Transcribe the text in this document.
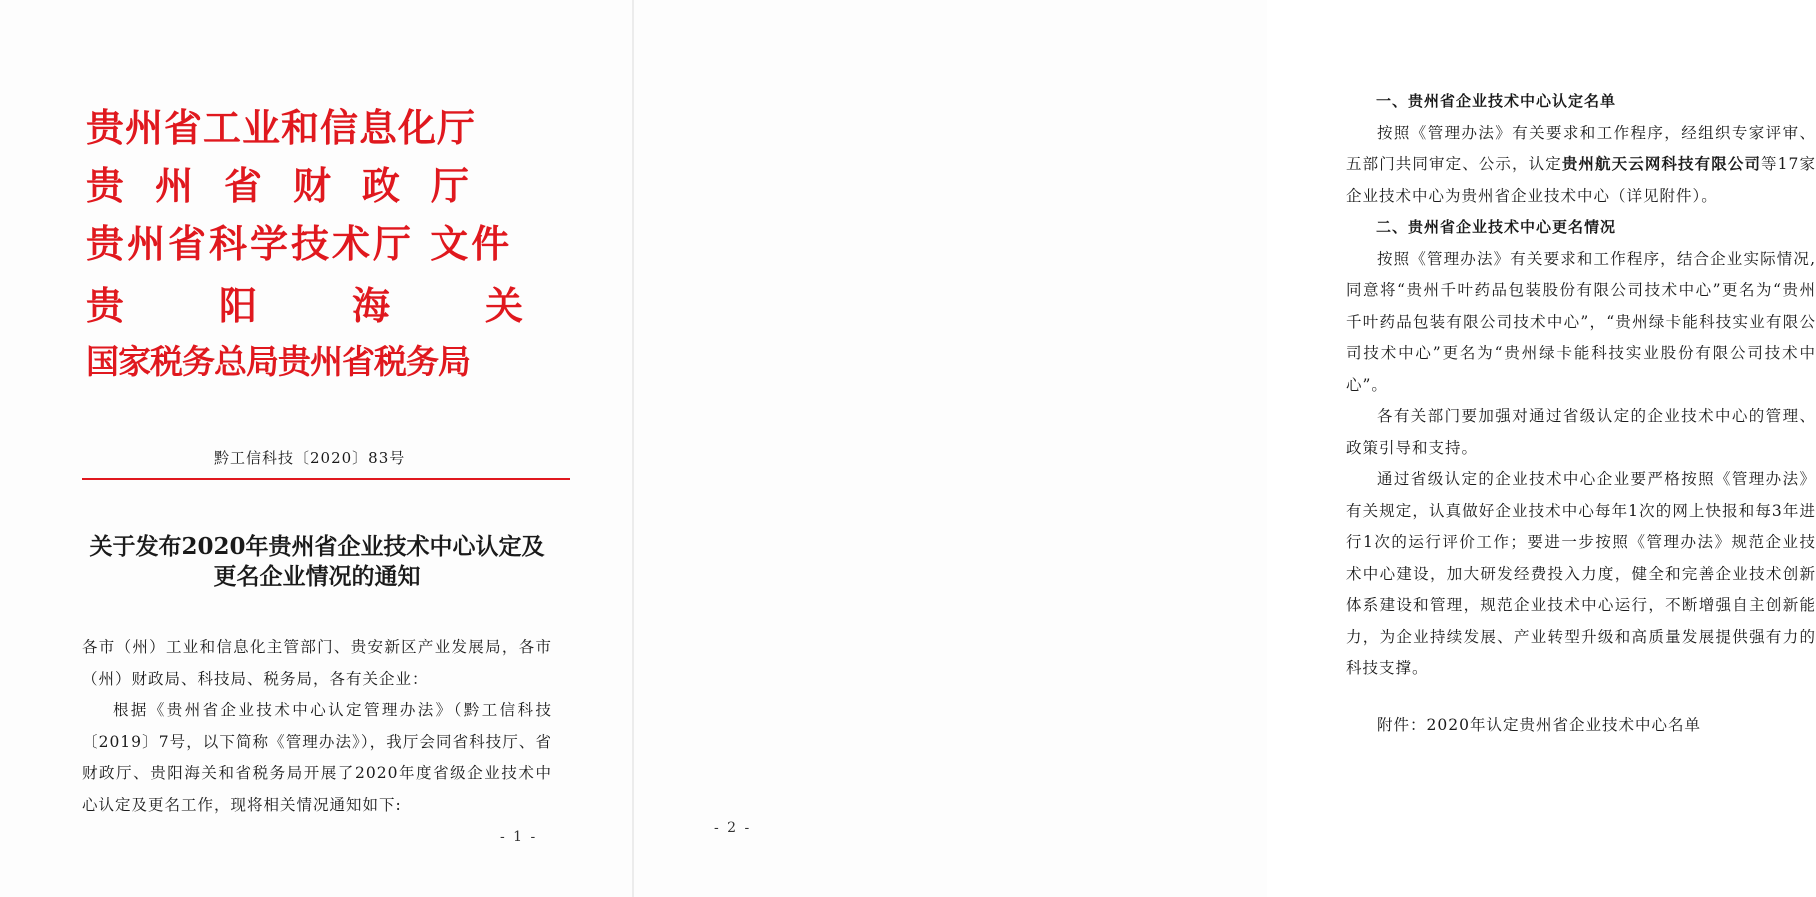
贵州省工业和信息化厅
贵州省财政厅
贵州省科学技术厅 文件
贵阳海关
国家税务总局贵州省税务局
黔工信科技〔2020〕83号
关于发布2020年贵州省企业技术中心认定及
更名企业情况的通知

各市（州）工业和信息化主管部门、贵安新区产业发展局，各市（州）财政局、科技局、税务局，各有关企业：

根据《贵州省企业技术中心认定管理办法》（黔工信科技〔2019〕7号，以下简称《管理办法》），我厅会同省科技厅、省财政厅、贵阳海关和省税务局开展了2020年度省级企业技术中心认定及更名工作，现将相关情况通知如下:

- 1 -

一、贵州省企业技术中心认定名单

按照《管理办法》有关要求和工作程序，经组织专家评审、五部门共同审定、公示，认定贵州航天云网科技有限公司等17家企业技术中心为贵州省企业技术中心（详见附件）。

二、贵州省企业技术中心更名情况

按照《管理办法》有关要求和工作程序，结合企业实际情况,同意将“贵州千叶药品包装股份有限公司技术中心”更名为“贵州千叶药品包装有限公司技术中心”，“贵州绿卡能科技实业有限公司技术中心”更名为“贵州绿卡能科技实业股份有限公司技术中心”。

各有关部门要加强对通过省级认定的企业技术中心的管理、政策引导和支持。

通过省级认定的企业技术中心企业要严格按照《管理办法》有关规定，认真做好企业技术中心每年1次的网上快报和每3年进行1次的运行评价工作；要进一步按照《管理办法》规范企业技术中心建设，加大研发经费投入力度，健全和完善企业技术创新体系建设和管理，规范企业技术中心运行，不断增强自主创新能力，为企业持续发展、产业转型升级和高质量发展提供强有力的科技支撑。

附件：2020年认定贵州省企业技术中心名单

- 2 -
